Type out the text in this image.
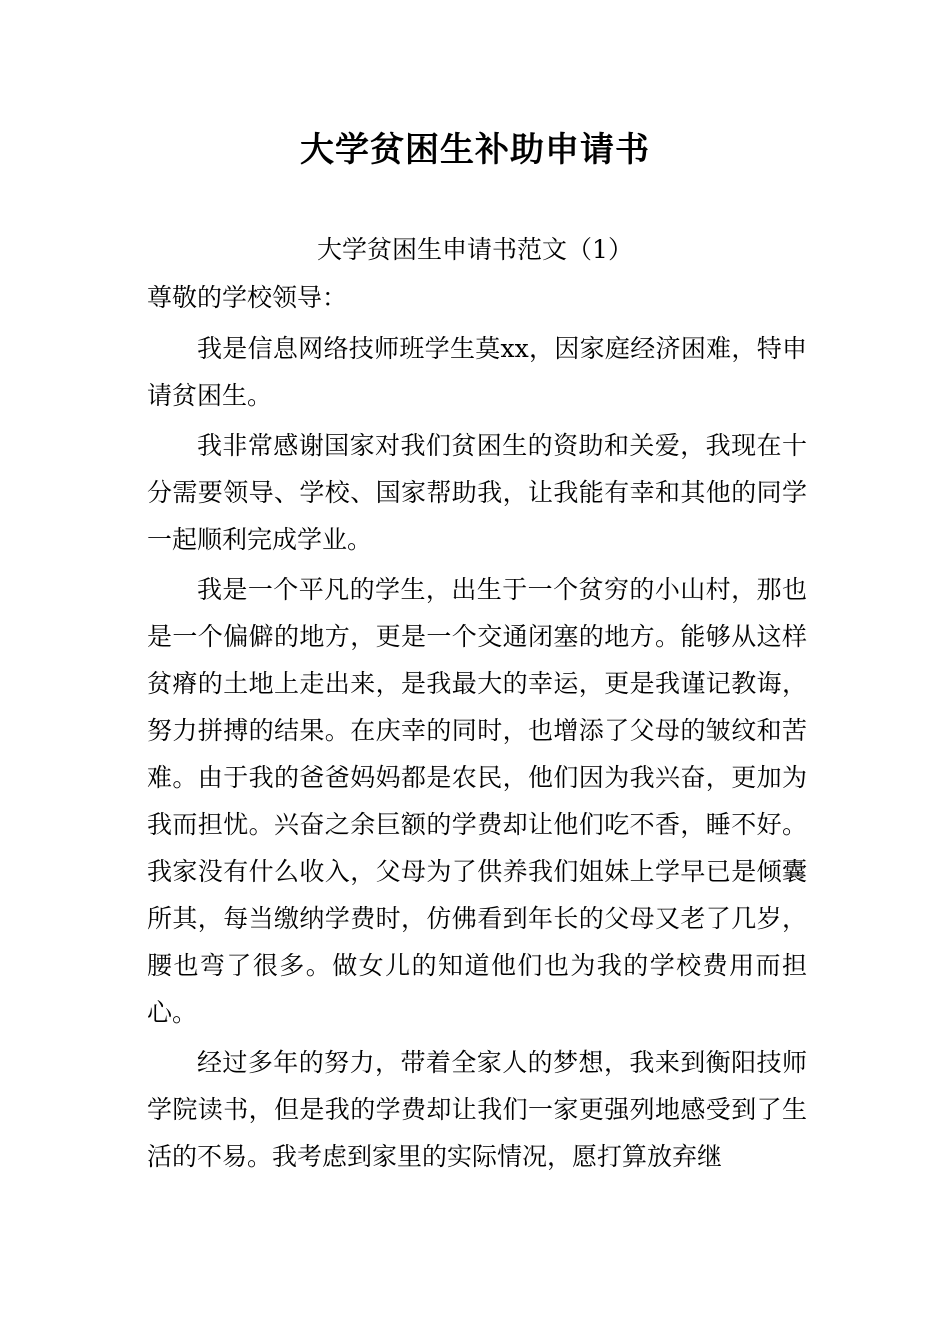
大学贫困生补助申请书
大学贫困生申请书范文（1）
尊敬的学校领导：

我是信息网络技师班学生莫xx，因家庭经济困难，特申请贫困生。

我非常感谢国家对我们贫困生的资助和关爱，我现在十分需要领导、学校、国家帮助我，让我能有幸和其他的同学一起顺利完成学业。

我是一个平凡的学生，出生于一个贫穷的小山村，那也是一个偏僻的地方，更是一个交通闭塞的地方。能够从这样贫瘠的土地上走出来，是我最大的幸运，更是我谨记教诲，努力拼搏的结果。在庆幸的同时，也增添了父母的皱纹和苦难。由于我的爸爸妈妈都是农民，他们因为我兴奋，更加为我而担忧。兴奋之余巨额的学费却让他们吃不香，睡不好。我家没有什么收入，父母为了供养我们姐妹上学早已是倾囊所其，每当缴纳学费时，仿佛看到年长的父母又老了几岁，腰也弯了很多。做女儿的知道他们也为我的学校费用而担心。

经过多年的努力，带着全家人的梦想，我来到衡阳技师学院读书，但是我的学费却让我们一家更强列地感受到了生活的不易。我考虑到家里的实际情况，愿打算放弃继
